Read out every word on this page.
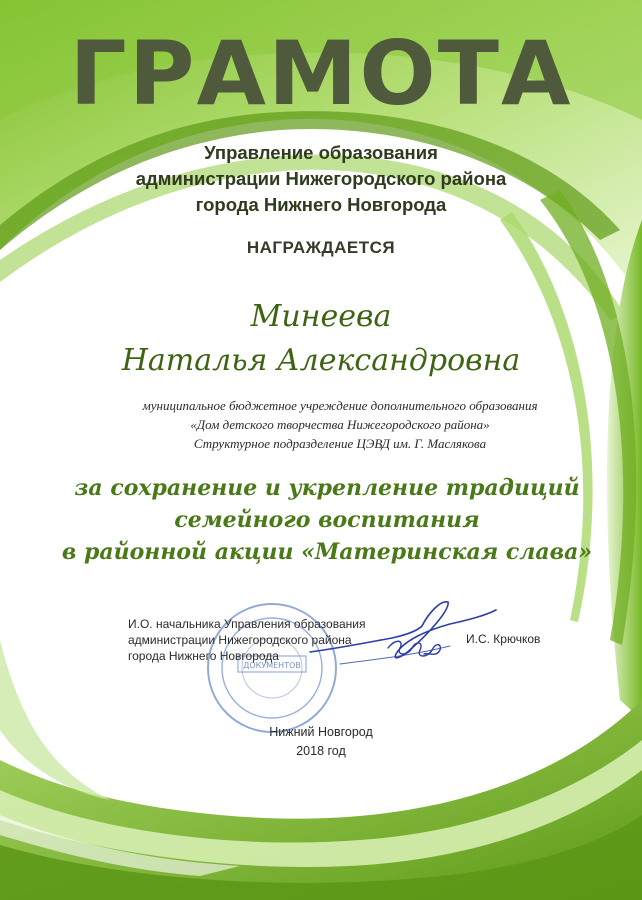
ГРАМОТА
Управление образования
администрации Нижегородского района
города Нижнего Новгорода
НАГРАЖДАЕТСЯ
Минеева
Наталья Александровна
муниципальное бюджетное учреждение дополнительного образования
«Дом детского творчества Нижегородского района»
Структурное подразделение ЦЭВД им. Г. Маслякова
за сохранение и укрепление традиций
семейного воспитания
в районной акции «Материнская слава»
ДОКУМЕНТОВ
И.О. начальника Управления образования
администрации Нижегородского района
города Нижнего Новгорода
И.С. Крючков
Нижний Новгород
2018 год
